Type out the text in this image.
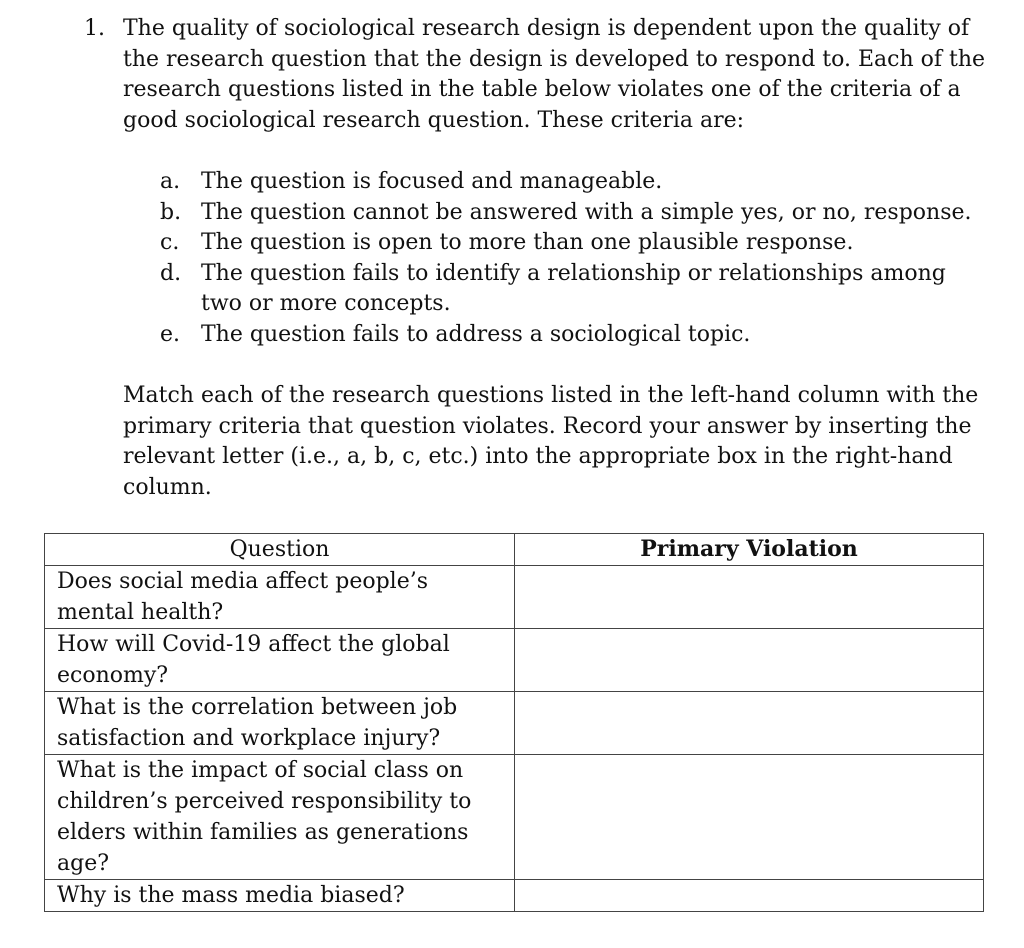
1. The quality of sociological research design is dependent upon the quality of the research question that the design is developed to respond to. Each of the research questions listed in the table below violates one of the criteria of a good sociological research question. These criteria are:

a. The question is focused and manageable.
b. The question cannot be answered with a simple yes, or no, response.
c. The question is open to more than one plausible response.
d. The question fails to identify a relationship or relationships among two or more concepts.
e. The question fails to address a sociological topic.

Match each of the research questions listed in the left-hand column with the primary criteria that question violates. Record your answer by inserting the relevant letter (i.e., a, b, c, etc.) into the appropriate box in the right-hand column.

Question	Primary Violation
Does social media affect people’s mental health?	
How will Covid-19 affect the global economy?	
What is the correlation between job satisfaction and workplace injury?	
What is the impact of social class on children’s perceived responsibility to elders within families as generations age?	
Why is the mass media biased?	
